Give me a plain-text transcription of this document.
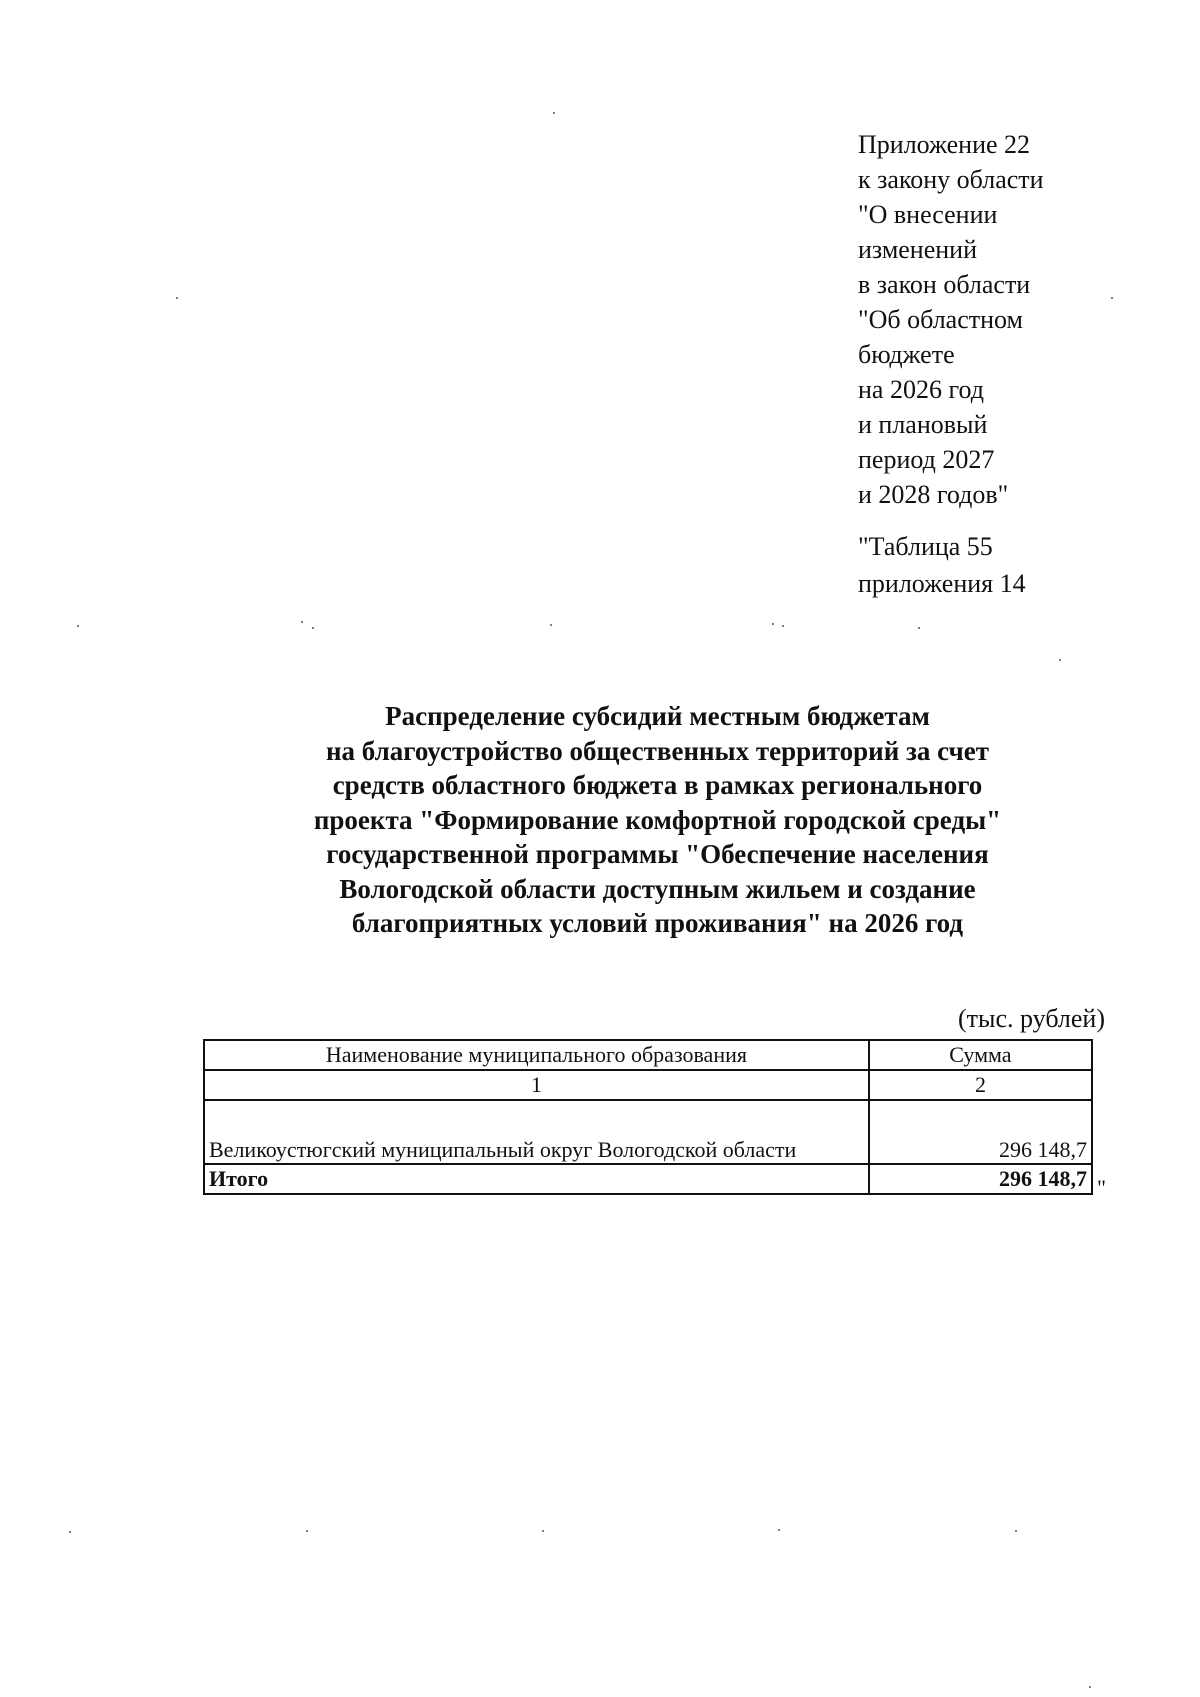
Приложение 22
к закону области
"О внесении
изменений
в закон области
"Об областном
бюджете
на 2026 год
и плановый
период 2027
и 2028 годов"
"Таблица 55
приложения 14
Распределение субсидий местным бюджетам
на благоустройство общественных территорий за счет
средств областного бюджета в рамках регионального
проекта "Формирование комфортной городской среды"
государственной программы "Обеспечение населения
Вологодской области доступным жильем и создание
благоприятных условий проживания" на 2026 год
(тыс. рублей)
Наименование муниципального образования	Сумма
1	2
Великоустюгский муниципальный округ Вологодской области	296 148,7
Итого	296 148,7 "
